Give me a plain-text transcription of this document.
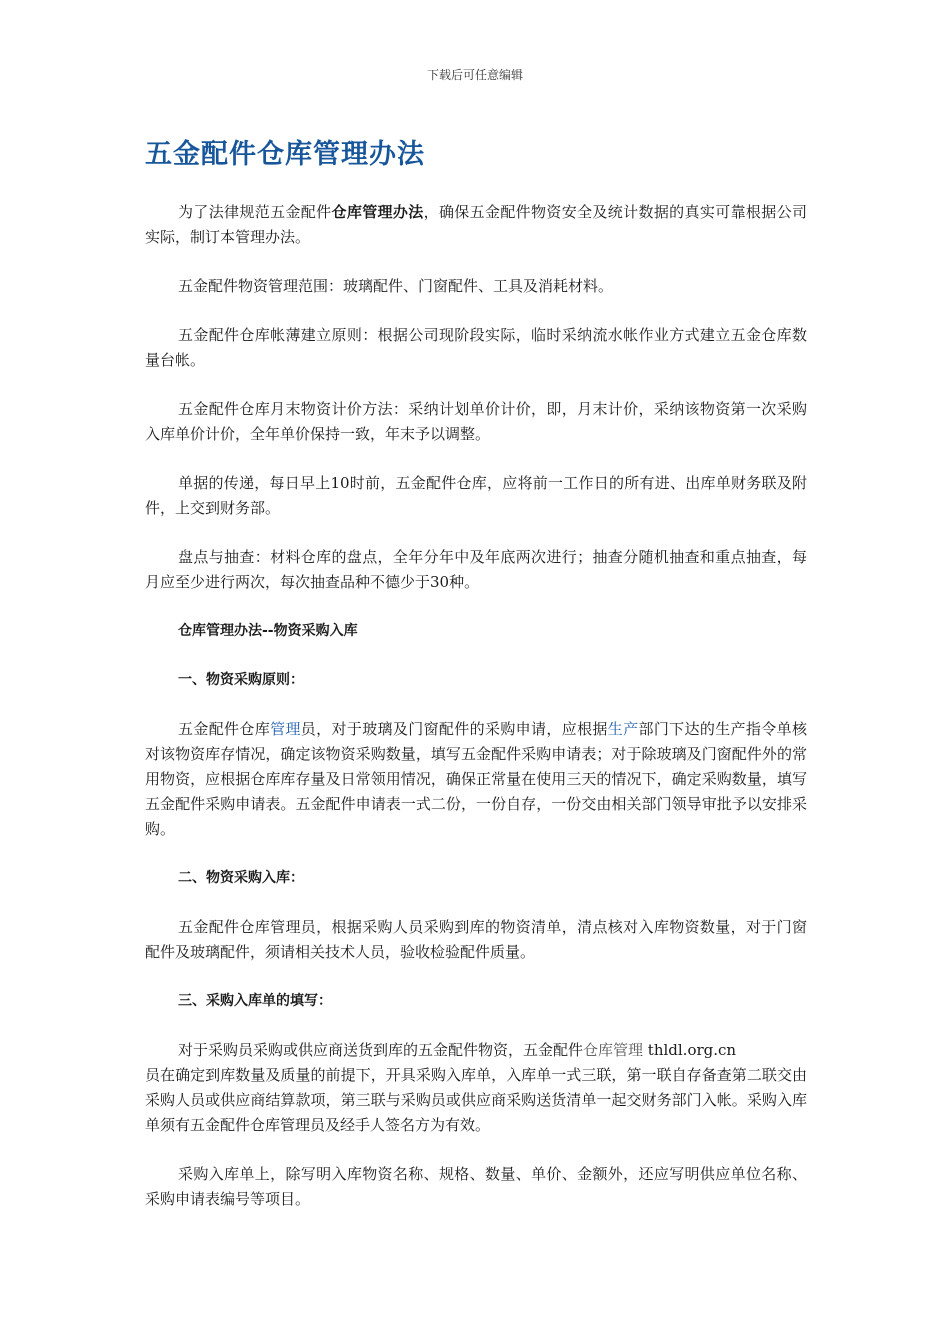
下载后可任意编辑
五金配件仓库管理办法

为了法律规范五金配件仓库管理办法，确保五金配件物资安全及统计数据的真实可靠根据公司实际，制订本管理办法。

五金配件物资管理范围：玻璃配件、门窗配件、工具及消耗材料。

五金配件仓库帐薄建立原则：根据公司现阶段实际，临时采纳流水帐作业方式建立五金仓库数量台帐。

五金配件仓库月末物资计价方法：采纳计划单价计价，即，月末计价，采纳该物资第一次采购入库单价计价，全年单价保持一致，年末予以调整。

单据的传递，每日早上10时前，五金配件仓库，应将前一工作日的所有进、出库单财务联及附件，上交到财务部。

盘点与抽查：材料仓库的盘点，全年分年中及年底两次进行；抽查分随机抽查和重点抽查，每月应至少进行两次，每次抽查品种不德少于30种。

仓库管理办法--物资采购入库

一、物资采购原则：

五金配件仓库管理员，对于玻璃及门窗配件的采购申请，应根据生产部门下达的生产指令单核对该物资库存情况，确定该物资采购数量，填写五金配件采购申请表；对于除玻璃及门窗配件外的常用物资，应根据仓库库存量及日常领用情况，确保正常量在使用三天的情况下，确定采购数量，填写五金配件采购申请表。五金配件申请表一式二份，一份自存，一份交由相关部门领导审批予以安排采购。

二、物资采购入库：

五金配件仓库管理员，根据采购人员采购到库的物资清单，清点核对入库物资数量，对于门窗配件及玻璃配件，须请相关技术人员，验收检验配件质量。

三、采购入库单的填写：

对于采购员采购或供应商送货到库的五金配件物资，五金配件仓库管理 thldl.org.cn
员在确定到库数量及质量的前提下，开具采购入库单，入库单一式三联，第一联自存备查第二联交由采购人员或供应商结算款项，第三联与采购员或供应商采购送货清单一起交财务部门入帐。采购入库单须有五金配件仓库管理员及经手人签名方为有效。

采购入库单上，除写明入库物资名称、规格、数量、单价、金额外，还应写明供应单位名称、采购申请表编号等项目。
